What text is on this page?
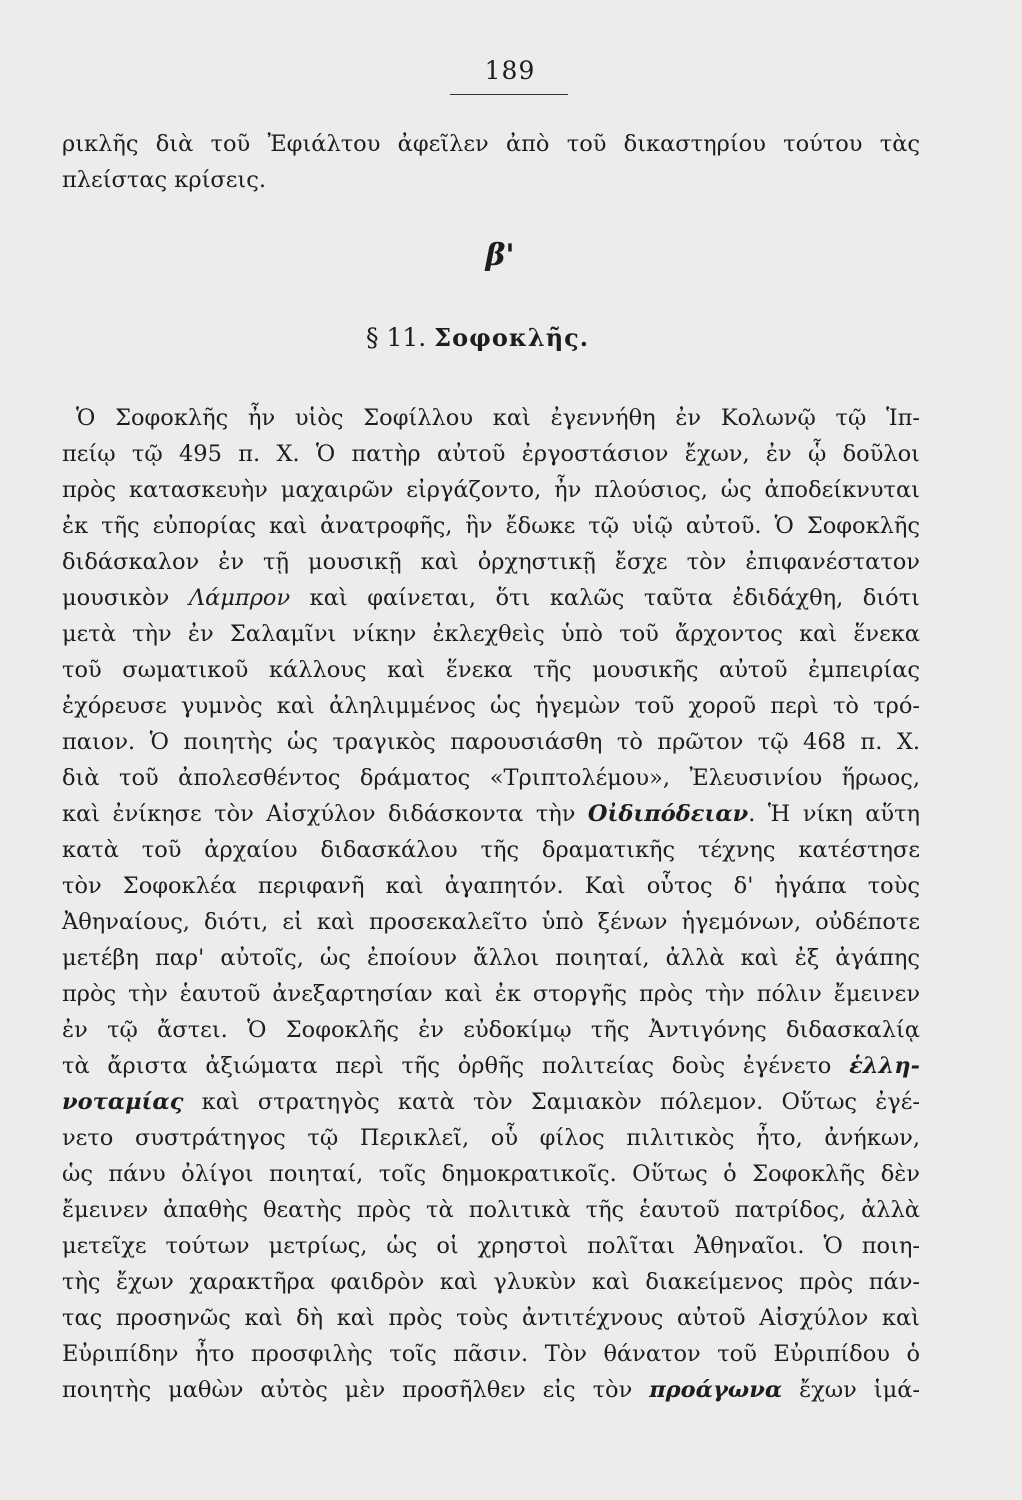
189
ρικλῆς διὰ τοῦ Ἐφιάλτου ἀφεῖλεν ἀπὸ τοῦ δικαστηρίου τούτου τὰς
πλείστας κρίσεις.
β'
§ 11. Σοφοκλῆς.
Ὁ Σοφοκλῆς ἦν υἱὸς Σοφίλλου καὶ ἐγεννήθη ἐν Κολωνῷ τῷ Ἱπ-
πείῳ τῷ 495 π. Χ. Ὁ πατὴρ αὐτοῦ ἐργοστάσιον ἔχων, ἐν ᾧ δοῦλοι
πρὸς κατασκευὴν μαχαιρῶν εἰργάζοντο, ἦν πλούσιος, ὡς ἀποδείκνυται
ἐκ τῆς εὐπορίας καὶ ἀνατροφῆς, ἣν ἔδωκε τῷ υἱῷ αὐτοῦ. Ὁ Σοφοκλῆς
διδάσκαλον ἐν τῇ μουσικῇ καὶ ὀρχηστικῇ ἔσχε τὸν ἐπιφανέστατον
μουσικὸν Λάμπρον καὶ φαίνεται, ὅτι καλῶς ταῦτα ἐδιδάχθη, διότι
μετὰ τὴν ἐν Σαλαμῖνι νίκην ἐκλεχθεὶς ὑπὸ τοῦ ἄρχοντος καὶ ἕνεκα
τοῦ σωματικοῦ κάλλους καὶ ἕνεκα τῆς μουσικῆς αὐτοῦ ἐμπειρίας
ἐχόρευσε γυμνὸς καὶ ἀληλιμμένος ὡς ἡγεμὼν τοῦ χοροῦ περὶ τὸ τρό-
παιον. Ὁ ποιητὴς ὡς τραγικὸς παρουσιάσθη τὸ πρῶτον τῷ 468 π. Χ.
διὰ τοῦ ἀπολεσθέντος δράματος «Τριπτολέμου», Ἐλευσινίου ἥρωος,
καὶ ἐνίκησε τὸν Αἰσχύλον διδάσκοντα τὴν Οἰδιπόδειαν. Ἡ νίκη αὕτη
κατὰ τοῦ ἀρχαίου διδασκάλου τῆς δραματικῆς τέχνης κατέστησε
τὸν Σοφοκλέα περιφανῆ καὶ ἀγαπητόν. Καὶ οὗτος δ' ἠγάπα τοὺς
Ἀθηναίους, διότι, εἰ καὶ προσεκαλεῖτο ὑπὸ ξένων ἡγεμόνων, οὐδέποτε
μετέβη παρ' αὐτοῖς, ὡς ἐποίουν ἄλλοι ποιηταί, ἀλλὰ καὶ ἐξ ἀγάπης
πρὸς τὴν ἑαυτοῦ ἀνεξαρτησίαν καὶ ἐκ στοργῆς πρὸς τὴν πόλιν ἔμεινεν
ἐν τῷ ἄστει. Ὁ Σοφοκλῆς ἐν εὐδοκίμῳ τῆς Ἀντιγόνης διδασκαλίᾳ
τὰ ἄριστα ἀξιώματα περὶ τῆς ὀρθῆς πολιτείας δοὺς ἐγένετο ἑλλη-
νοταμίας καὶ στρατηγὸς κατὰ τὸν Σαμιακὸν πόλεμον. Οὕτως ἐγέ-
νετο συστράτηγος τῷ Περικλεῖ, οὗ φίλος πιλιτικὸς ἦτο, ἀνήκων,
ὡς πάνυ ὀλίγοι ποιηταί, τοῖς δημοκρατικοῖς. Οὕτως ὁ Σοφοκλῆς δὲν
ἔμεινεν ἀπαθὴς θεατὴς πρὸς τὰ πολιτικὰ τῆς ἑαυτοῦ πατρίδος, ἀλλὰ
μετεῖχε τούτων μετρίως, ὡς οἱ χρηστοὶ πολῖται Ἀθηναῖοι. Ὁ ποιη-
τὴς ἔχων χαρακτῆρα φαιδρὸν καὶ γλυκὺν καὶ διακείμενος πρὸς πάν-
τας προσηνῶς καὶ δὴ καὶ πρὸς τοὺς ἀντιτέχνους αὐτοῦ Αἰσχύλον καὶ
Εὐριπίδην ἦτο προσφιλὴς τοῖς πᾶσιν. Τὸν θάνατον τοῦ Εὐριπίδου ὁ
ποιητὴς μαθὼν αὐτὸς μὲν προσῆλθεν εἰς τὸν προάγωνα ἔχων ἱμά-
